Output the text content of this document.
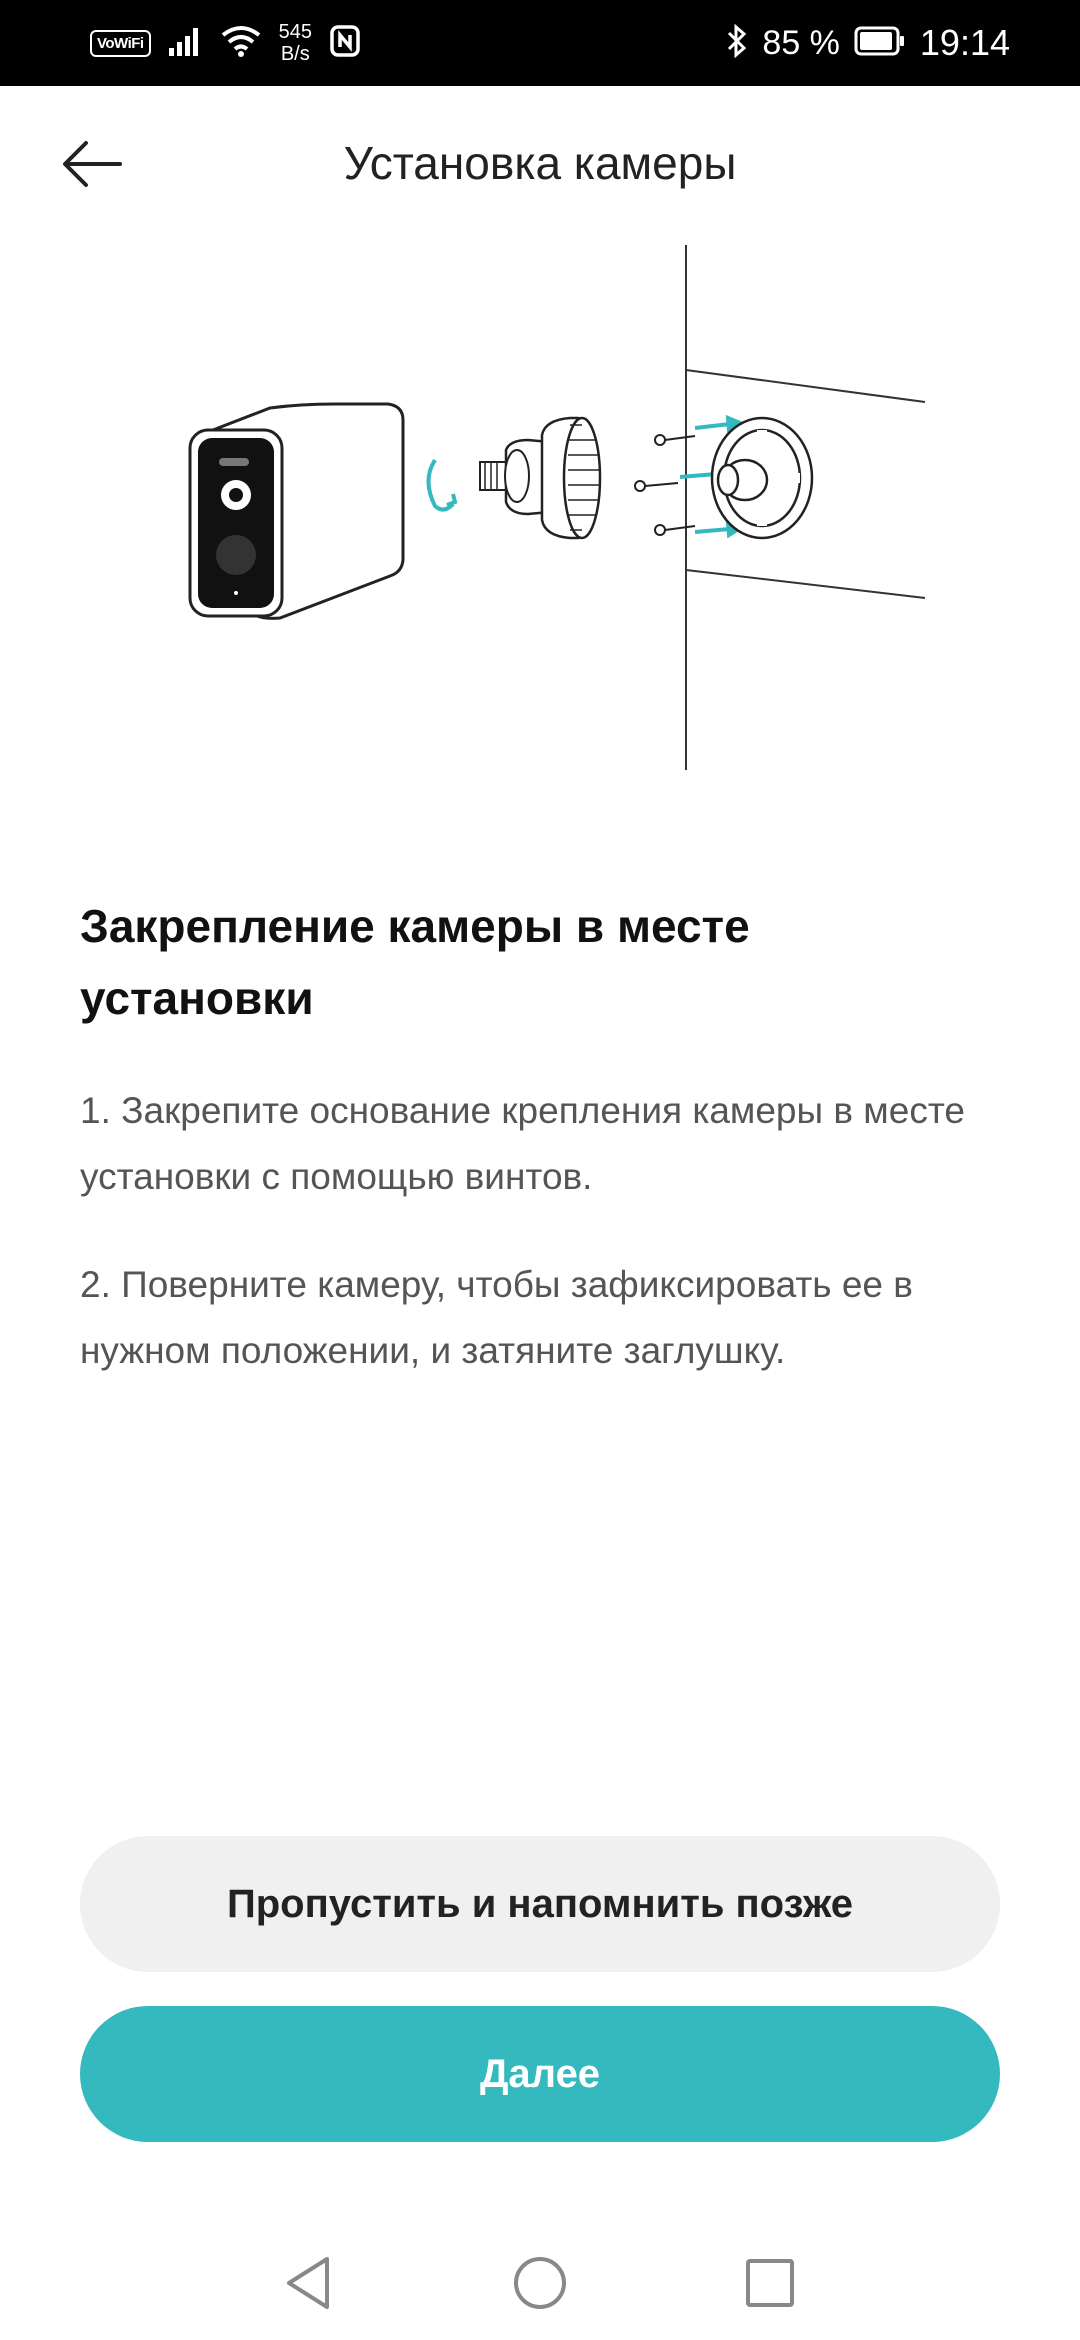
VoWiFi	545
B/s	85 % 19:14
Установка камеры
Закрепление камеры в месте установки
1. Закрепите основание крепления камеры в месте установки с помощью винтов.
2. Поверните камеру, чтобы зафиксировать ее в нужном положении, и затяните заглушку.
Пропустить и напомнить позже
Далее
